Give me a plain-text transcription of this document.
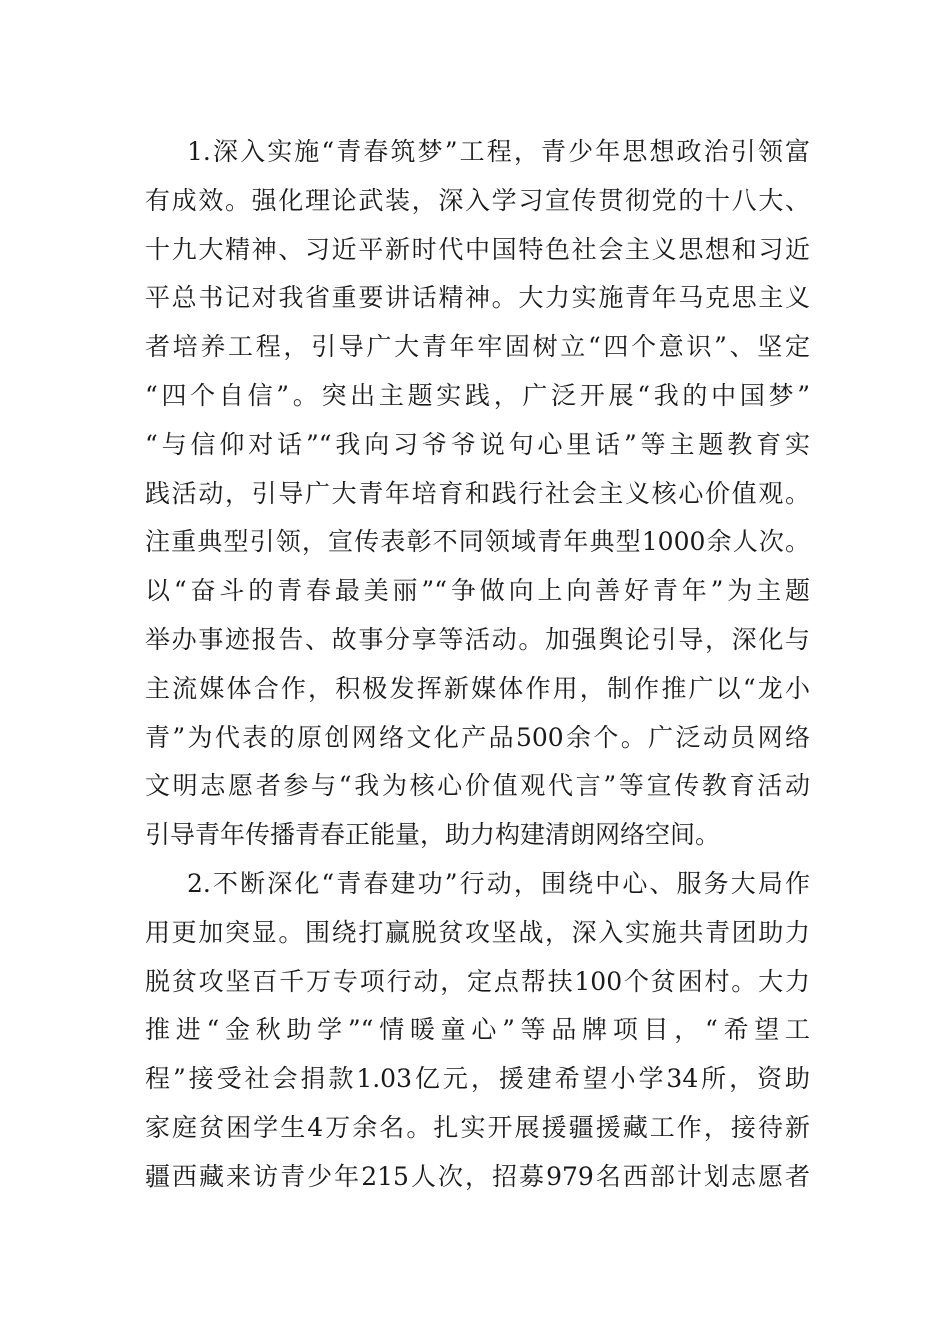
1.深入实施“青春筑梦”工程，青少年思想政治引领富
有成效。强化理论武装，深入学习宣传贯彻党的十八大、
十九大精神、习近平新时代中国特色社会主义思想和习近
平总书记对我省重要讲话精神。大力实施青年马克思主义
者培养工程，引导广大青年牢固树立“四个意识”、坚定
“四个自信”。突出主题实践，广泛开展“我的中国梦”
“与信仰对话”“我向习爷爷说句心里话”等主题教育实
践活动，引导广大青年培育和践行社会主义核心价值观。
注重典型引领，宣传表彰不同领域青年典型1000余人次。
以“奋斗的青春最美丽”“争做向上向善好青年”为主题
举办事迹报告、故事分享等活动。加强舆论引导，深化与
主流媒体合作，积极发挥新媒体作用，制作推广以“龙小
青”为代表的原创网络文化产品500余个。广泛动员网络
文明志愿者参与“我为核心价值观代言”等宣传教育活动
引导青年传播青春正能量，助力构建清朗网络空间。
2.不断深化“青春建功”行动，围绕中心、服务大局作
用更加突显。围绕打赢脱贫攻坚战，深入实施共青团助力
脱贫攻坚百千万专项行动，定点帮扶100个贫困村。大力
推进“金秋助学”“情暖童心”等品牌项目，“希望工
程”接受社会捐款1.03亿元，援建希望小学34所，资助
家庭贫困学生4万余名。扎实开展援疆援藏工作，接待新
疆西藏来访青少年215人次，招募979名西部计划志愿者
